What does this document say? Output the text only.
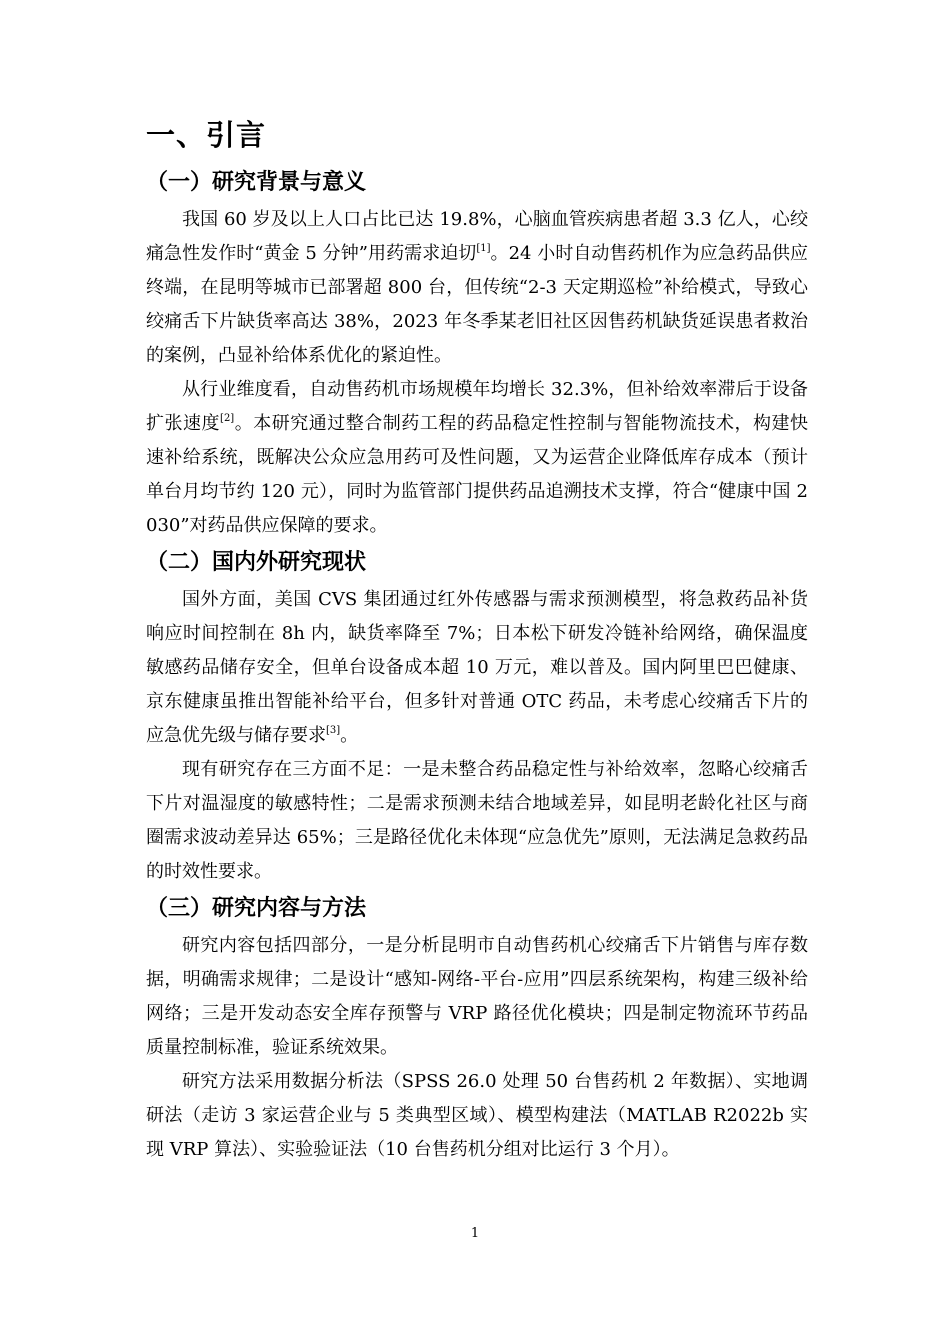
一、引言
（一）研究背景与意义

我国 60 岁及以上人口占比已达 19.8%，心脑血管疾病患者超 3.3 亿人，心绞痛急性发作时“黄金 5 分钟”用药需求迫切[1]。24 小时自动售药机作为应急药品供应终端，在昆明等城市已部署超 800 台，但传统“2-3 天定期巡检”补给模式，导致心绞痛舌下片缺货率高达 38%，2023 年冬季某老旧社区因售药机缺货延误患者救治的案例，凸显补给体系优化的紧迫性。

从行业维度看，自动售药机市场规模年均增长 32.3%，但补给效率滞后于设备扩张速度[2]。本研究通过整合制药工程的药品稳定性控制与智能物流技术，构建快速补给系统，既解决公众应急用药可及性问题，又为运营企业降低库存成本（预计单台月均节约 120 元），同时为监管部门提供药品追溯技术支撑，符合“健康中国 2030”对药品供应保障的要求。

（二）国内外研究现状

国外方面，美国 CVS 集团通过红外传感器与需求预测模型，将急救药品补货响应时间控制在 8h 内，缺货率降至 7%；日本松下研发冷链补给网络，确保温度敏感药品储存安全，但单台设备成本超 10 万元，难以普及。国内阿里巴巴健康、京东健康虽推出智能补给平台，但多针对普通 OTC 药品，未考虑心绞痛舌下片的应急优先级与储存要求[3]。

现有研究存在三方面不足：一是未整合药品稳定性与补给效率，忽略心绞痛舌下片对温湿度的敏感特性；二是需求预测未结合地域差异，如昆明老龄化社区与商圈需求波动差异达 65%；三是路径优化未体现“应急优先”原则，无法满足急救药品的时效性要求。

（三）研究内容与方法

研究内容包括四部分，一是分析昆明市自动售药机心绞痛舌下片销售与库存数据，明确需求规律；二是设计“感知-网络-平台-应用”四层系统架构，构建三级补给网络；三是开发动态安全库存预警与 VRP 路径优化模块；四是制定物流环节药品质量控制标准，验证系统效果。

研究方法采用数据分析法（SPSS 26.0 处理 50 台售药机 2 年数据）、实地调研法（走访 3 家运营企业与 5 类典型区域）、模型构建法（MATLAB R2022b 实现 VRP 算法）、实验验证法（10 台售药机分组对比运行 3 个月）。

1
